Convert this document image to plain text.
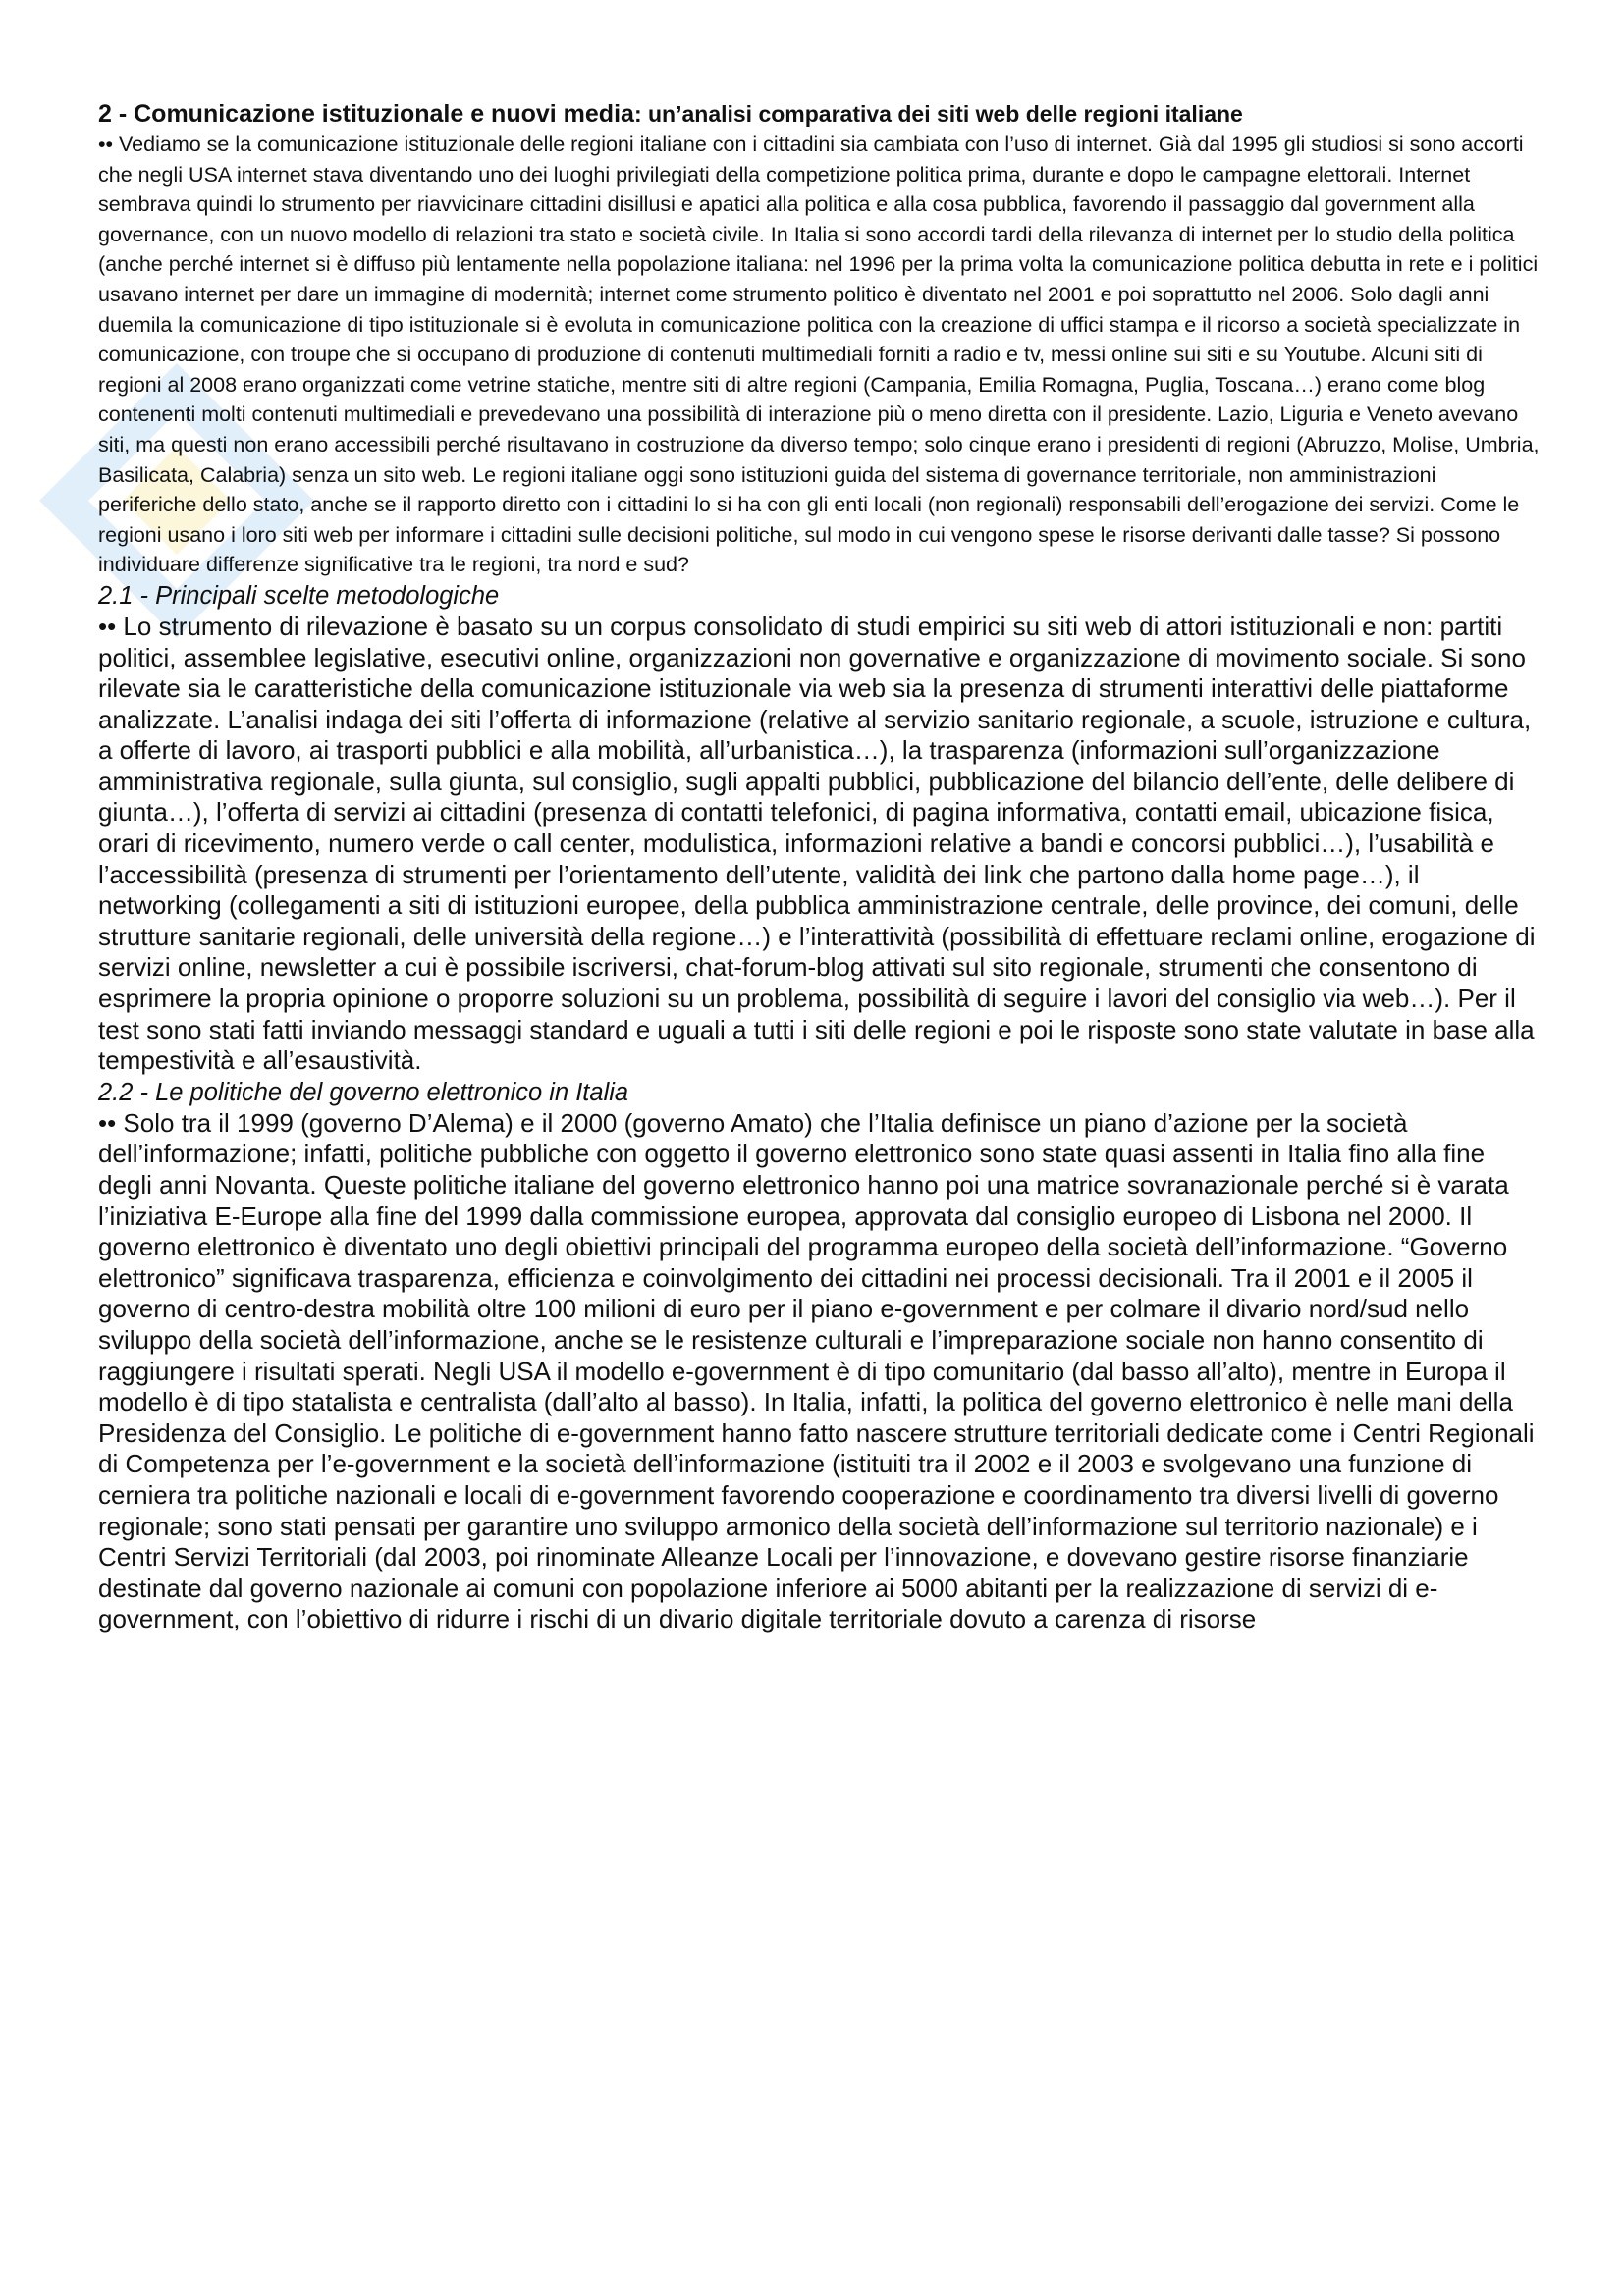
2 - Comunicazione istituzionale e nuovi media: un’analisi comparativa dei siti web delle regioni italiane

•• Vediamo se la comunicazione istituzionale delle regioni italiane con i cittadini sia cambiata con l’uso di internet. Già dal 1995 gli studiosi si sono accorti che negli USA internet stava diventando uno dei luoghi privilegiati della competizione politica prima, durante e dopo le campagne elettorali. Internet sembrava quindi lo strumento per riavvicinare cittadini disillusi e apatici alla politica e alla cosa pubblica, favorendo il passaggio dal government alla governance, con un nuovo modello di relazioni tra stato e società civile. In Italia si sono accordi tardi della rilevanza di internet per lo studio della politica (anche perché internet si è diffuso più lentamente nella popolazione italiana: nel 1996 per la prima volta la comunicazione politica debutta in rete e i politici usavano internet per dare un immagine di modernità; internet come strumento politico è diventato nel 2001 e poi soprattutto nel 2006. Solo dagli anni duemila la comunicazione di tipo istituzionale si è evoluta in comunicazione politica con la creazione di uffici stampa e il ricorso a società specializzate in comunicazione, con troupe che si occupano di produzione di contenuti multimediali forniti a radio e tv, messi online sui siti e su Youtube. Alcuni siti di regioni al 2008 erano organizzati come vetrine statiche, mentre siti di altre regioni (Campania, Emilia Romagna, Puglia, Toscana…) erano come blog contenenti molti contenuti multimediali e prevedevano una possibilità di interazione più o meno diretta con il presidente. Lazio, Liguria e Veneto avevano siti, ma questi non erano accessibili perché risultavano in costruzione da diverso tempo; solo cinque erano i presidenti di regioni (Abruzzo, Molise, Umbria, Basilicata, Calabria) senza un sito web. Le regioni italiane oggi sono istituzioni guida del sistema di governance territoriale, non amministrazioni periferiche dello stato, anche se il rapporto diretto con i cittadini lo si ha con gli enti locali (non regionali) responsabili dell’erogazione dei servizi. Come le regioni usano i loro siti web per informare i cittadini sulle decisioni politiche, sul modo in cui vengono spese le risorse derivanti dalle tasse? Si possono individuare differenze significative tra le regioni, tra nord e sud?

2.1 - Principali scelte metodologiche

•• Lo strumento di rilevazione è basato su un corpus consolidato di studi empirici su siti web di attori istituzionali e non: partiti politici, assemblee legislative, esecutivi online, organizzazioni non governative e organizzazione di movimento sociale. Si sono rilevate sia le caratteristiche della comunicazione istituzionale via web sia la presenza di strumenti interattivi delle piattaforme analizzate. L’analisi indaga dei siti l’offerta di informazione (relative al servizio sanitario regionale, a scuole, istruzione e cultura, a offerte di lavoro, ai trasporti pubblici e alla mobilità, all’urbanistica…), la trasparenza (informazioni sull’organizzazione amministrativa regionale, sulla giunta, sul consiglio, sugli appalti pubblici, pubblicazione del bilancio dell’ente, delle delibere di giunta…), l’offerta di servizi ai cittadini (presenza di contatti telefonici, di pagina informativa, contatti email, ubicazione fisica, orari di ricevimento, numero verde o call center, modulistica, informazioni relative a bandi e concorsi pubblici…), l’usabilità e l’accessibilità (presenza di strumenti per l’orientamento dell’utente, validità dei link che partono dalla home page…), il networking (collegamenti a siti di istituzioni europee, della pubblica amministrazione centrale, delle province, dei comuni, delle strutture sanitarie regionali, delle università della regione…) e l’interattività (possibilità di effettuare reclami online, erogazione di servizi online, newsletter a cui è possibile iscriversi, chat-forum-blog attivati sul sito regionale, strumenti che consentono di esprimere la propria opinione o proporre soluzioni su un problema, possibilità di seguire i lavori del consiglio via web…). Per il test sono stati fatti inviando messaggi standard e uguali a tutti i siti delle regioni e poi le risposte sono state valutate in base alla tempestività e all’esaustività.

2.2 - Le politiche del governo elettronico in Italia

•• Solo tra il 1999 (governo D’Alema) e il 2000 (governo Amato) che l’Italia definisce un piano d’azione per la società dell’informazione; infatti, politiche pubbliche con oggetto il governo elettronico sono state quasi assenti in Italia fino alla fine degli anni Novanta. Queste politiche italiane del governo elettronico hanno poi una matrice sovranazionale perché si è varata l’iniziativa E-Europe alla fine del 1999 dalla commissione europea, approvata dal consiglio europeo di Lisbona nel 2000. Il governo elettronico è diventato uno degli obiettivi principali del programma europeo della società dell’informazione. “Governo elettronico” significava trasparenza, efficienza e coinvolgimento dei cittadini nei processi decisionali. Tra il 2001 e il 2005 il governo di centro-destra mobilità oltre 100 milioni di euro per il piano e-government e per colmare il divario nord/sud nello sviluppo della società dell’informazione, anche se le resistenze culturali e l’impreparazione sociale non hanno consentito di raggiungere i risultati sperati. Negli USA il modello e-government è di tipo comunitario (dal basso all’alto), mentre in Europa il modello è di tipo statalista e centralista (dall’alto al basso). In Italia, infatti, la politica del governo elettronico è nelle mani della Presidenza del Consiglio. Le politiche di e-government hanno fatto nascere strutture territoriali dedicate come i Centri Regionali di Competenza per l’e-government e la società dell’informazione (istituiti tra il 2002 e il 2003 e svolgevano una funzione di cerniera tra politiche nazionali e locali di e-government favorendo cooperazione e coordinamento tra diversi livelli di governo regionale; sono stati pensati per garantire uno sviluppo armonico della società dell’informazione sul territorio nazionale) e i Centri Servizi Territoriali (dal 2003, poi rinominate Alleanze Locali per l’innovazione, e dovevano gestire risorse finanziarie destinate dal governo nazionale ai comuni con popolazione inferiore ai 5000 abitanti per la realizzazione di servizi di e-government, con l’obiettivo di ridurre i rischi di un divario digitale territoriale dovuto a carenza di risorse
